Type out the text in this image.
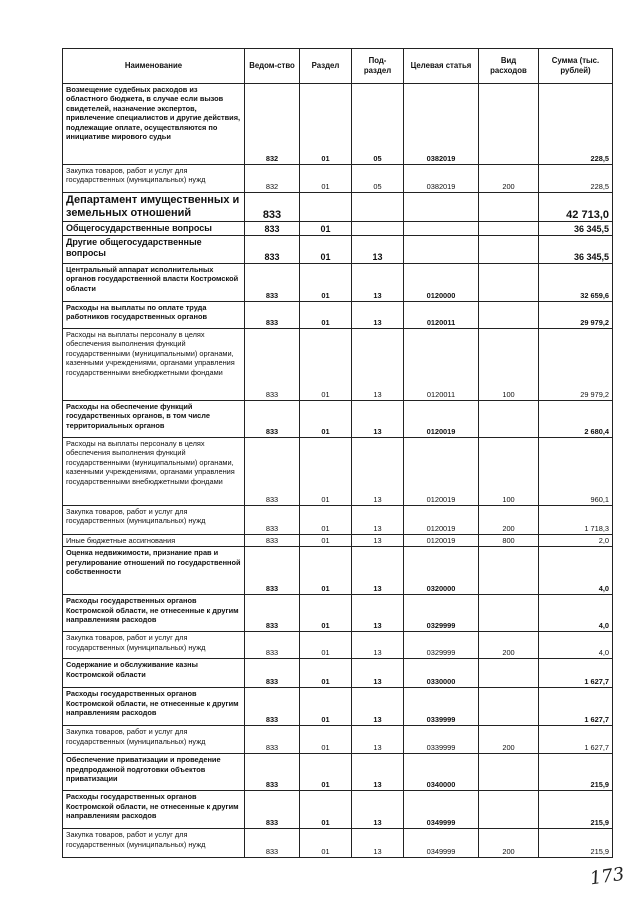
Наименование	Ведом-ство	Раздел	Под-раздел	Целевая статья	Вид расходов	Сумма (тыс. рублей)
Возмещение судебных расходов из областного бюджета, в случае если вызов свидетелей, назначение экспертов, привлечение специалистов и другие действия, подлежащие оплате, осуществляются по инициативе мирового судьи	832	01	05	0382019		228,5
Закупка товаров, работ и услуг для государственных (муниципальных) нужд	832	01	05	0382019	200	228,5
Департамент имущественных и земельных отношений	833					42 713,0
Общегосударственные вопросы	833	01				36 345,5
Другие общегосударственные вопросы	833	01	13			36 345,5
Центральный аппарат исполнительных органов государственной власти Костромской области	833	01	13	0120000		32 659,6
Расходы на выплаты по оплате труда работников государственных органов	833	01	13	0120011		29 979,2
Расходы на выплаты персоналу в целях обеспечения выполнения функций государственными (муниципальными) органами, казенными учреждениями, органами управления государственными внебюджетными фондами	833	01	13	0120011	100	29 979,2
Расходы на обеспечение функций государственных органов, в том числе территориальных органов	833	01	13	0120019		2 680,4
Расходы на выплаты персоналу в целях обеспечения выполнения функций государственными (муниципальными) органами, казенными учреждениями, органами управления государственными внебюджетными фондами	833	01	13	0120019	100	960,1
Закупка товаров, работ и услуг для государственных (муниципальных) нужд	833	01	13	0120019	200	1 718,3
Иные бюджетные ассигнования	833	01	13	0120019	800	2,0
Оценка недвижимости, признание прав и регулирование отношений по государственной собственности	833	01	13	0320000		4,0
Расходы государственных органов Костромской области, не отнесенные к другим направлениям расходов	833	01	13	0329999		4,0
Закупка товаров, работ и услуг для государственных (муниципальных) нужд	833	01	13	0329999	200	4,0
Содержание и обслуживание казны Костромской области	833	01	13	0330000		1 627,7
Расходы государственных органов Костромской области, не отнесенные к другим направлениям расходов	833	01	13	0339999		1 627,7
Закупка товаров, работ и услуг для государственных (муниципальных) нужд	833	01	13	0339999	200	1 627,7
Обеспечение приватизации и проведение предпродажной подготовки объектов приватизации	833	01	13	0340000		215,9
Расходы государственных органов Костромской области, не отнесенные к другим направлениям расходов	833	01	13	0349999		215,9
Закупка товаров, работ и услуг для государственных (муниципальных) нужд	833	01	13	0349999	200	215,9
173
